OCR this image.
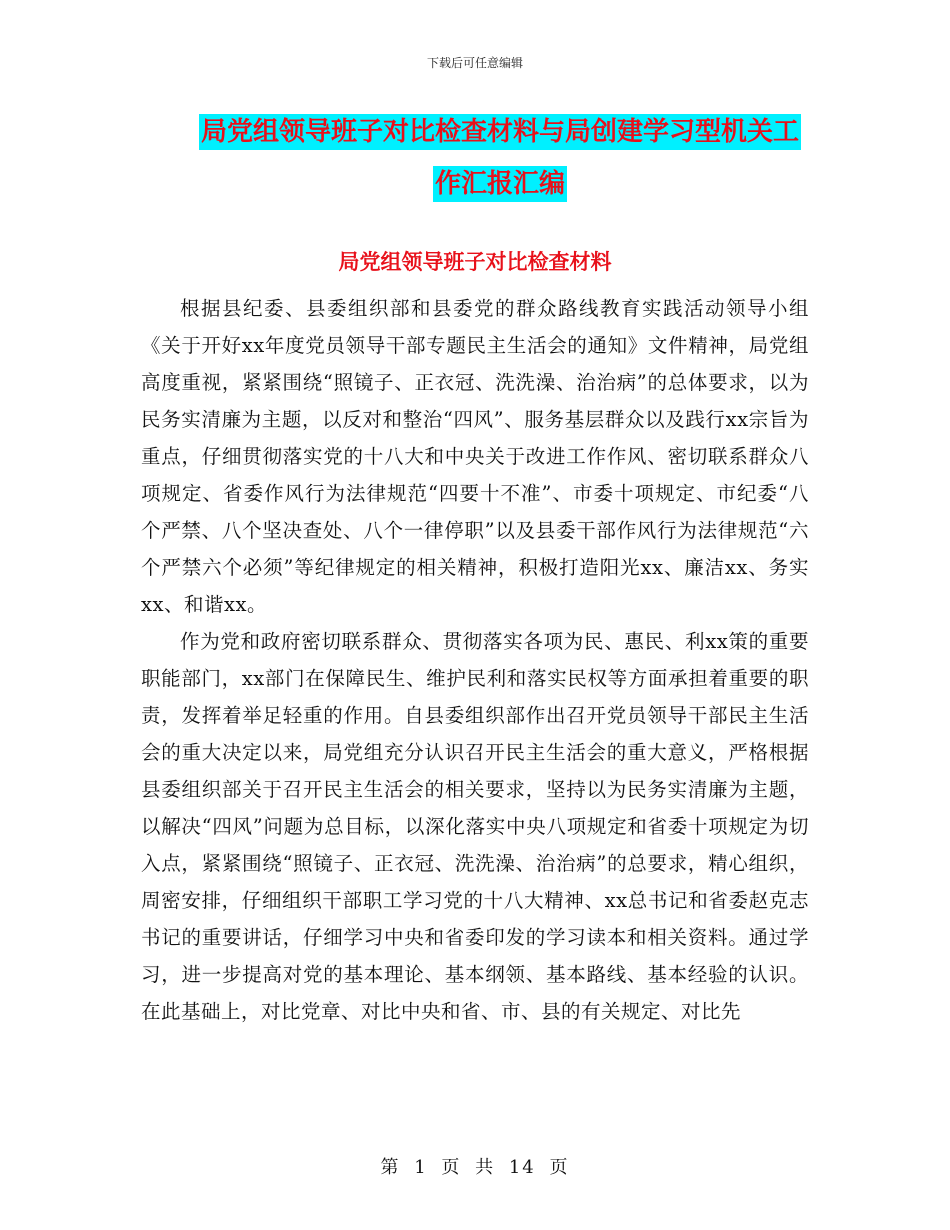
下载后可任意编辑
局党组领导班子对比检查材料与局创建学习型机关工
作汇报汇编
局党组领导班子对比检查材料

根据县纪委、县委组织部和县委党的群众路线教育实践活动领导小组《关于开好xx年度党员领导干部专题民主生活会的通知》文件精神，局党组高度重视，紧紧围绕“照镜子、正衣冠、洗洗澡、治治病”的总体要求，以为民务实清廉为主题，以反对和整治“四风”、服务基层群众以及践行xx宗旨为重点，仔细贯彻落实党的十八大和中央关于改进工作作风、密切联系群众八项规定、省委作风行为法律规范“四要十不准”、市委十项规定、市纪委“八个严禁、八个坚决查处、八个一律停职”以及县委干部作风行为法律规范“六个严禁六个必须”等纪律规定的相关精神，积极打造阳光xx、廉洁xx、务实xx、和谐xx。

作为党和政府密切联系群众、贯彻落实各项为民、惠民、利xx策的重要职能部门，xx部门在保障民生、维护民利和落实民权等方面承担着重要的职责，发挥着举足轻重的作用。自县委组织部作出召开党员领导干部民主生活会的重大决定以来，局党组充分认识召开民主生活会的重大意义，严格根据县委组织部关于召开民主生活会的相关要求，坚持以为民务实清廉为主题，以解决“四风”问题为总目标，以深化落实中央八项规定和省委十项规定为切入点，紧紧围绕“照镜子、正衣冠、洗洗澡、治治病”的总要求，精心组织，周密安排，仔细组织干部职工学习党的十八大精神、xx总书记和省委赵克志书记的重要讲话，仔细学习中央和省委印发的学习读本和相关资料。通过学习，进一步提高对党的基本理论、基本纲领、基本路线、基本经验的认识。在此基础上，对比党章、对比中央和省、市、县的有关规定、对比先

第 1 页 共 14 页
